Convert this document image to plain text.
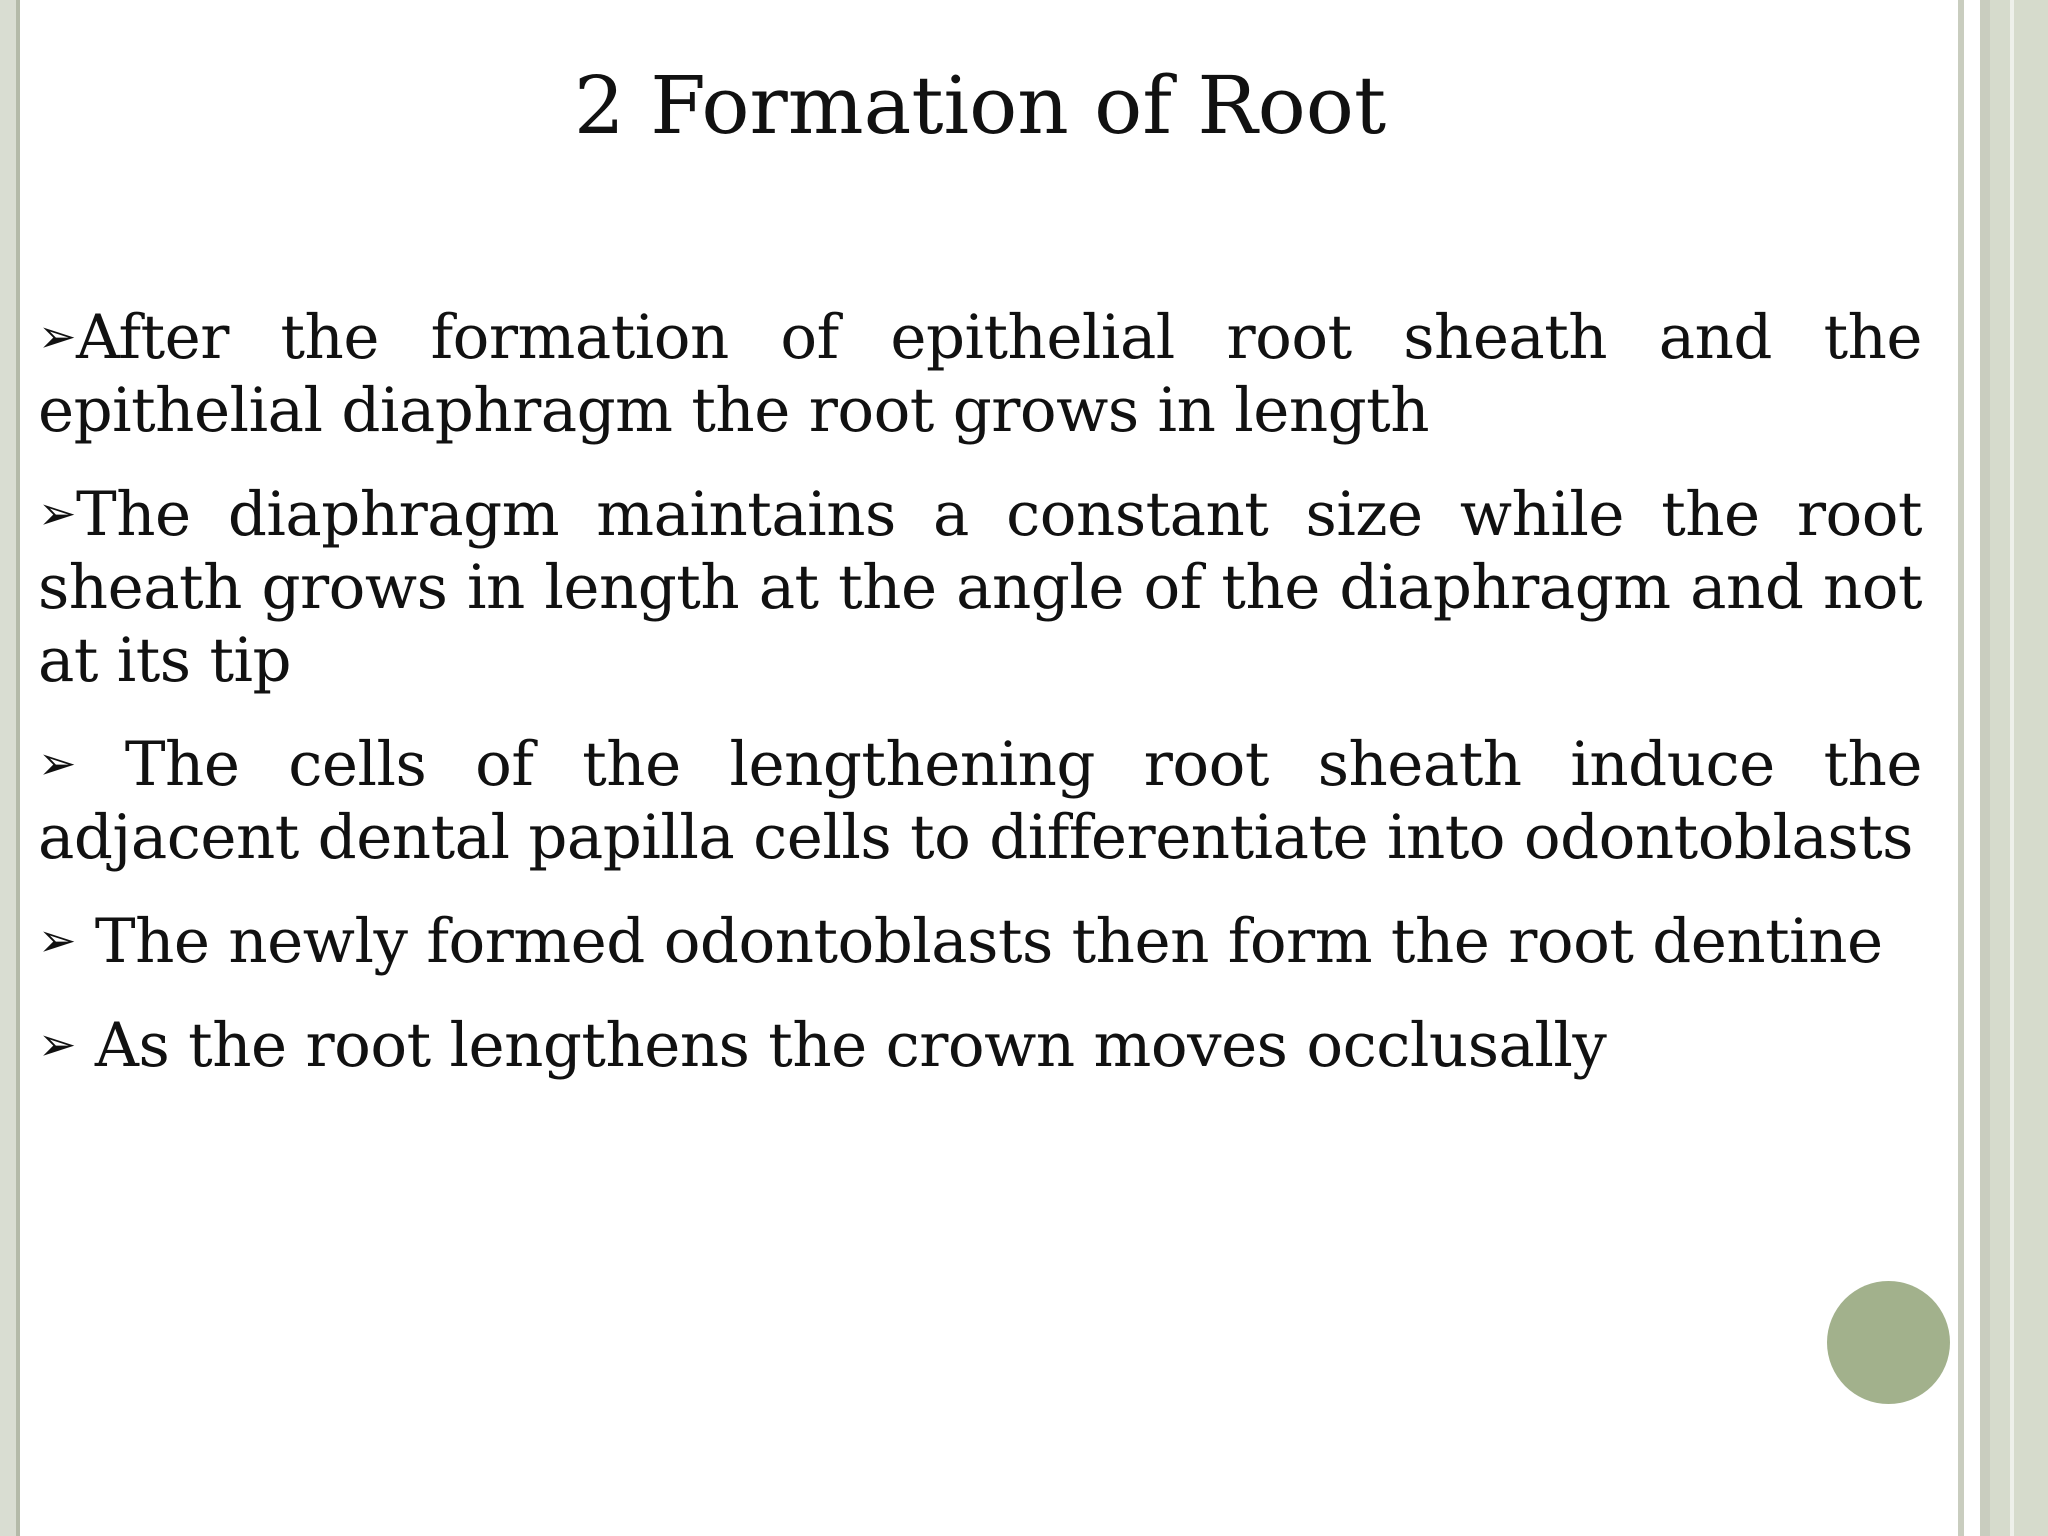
2 Formation of Root
➢After the formation of epithelial root sheath and the epithelial diaphragm the root grows in length
➢The diaphragm maintains a constant size while the root sheath grows in length at the angle of the diaphragm and not at its tip
➢ The cells of the lengthening root sheath induce the adjacent dental papilla cells to differentiate into odontoblasts
➢ The newly formed odontoblasts then form the root dentine
➢ As the root lengthens the crown moves occlusally
